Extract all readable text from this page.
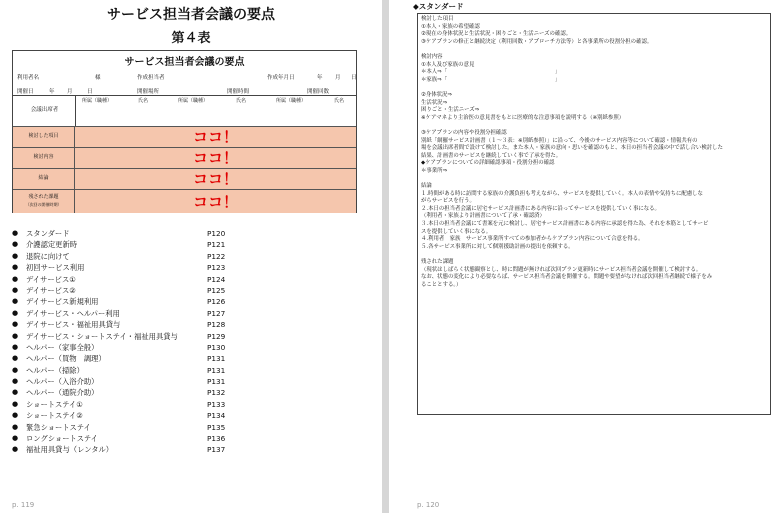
サービス担当者会議の要点
第４表
サービス担当者会議の要点
利用者名	様	作成担当者	作成年月日	年 月 日
開催日	年 月	日	開催場所	開催時間	開催回数
会議出席者
所属（職種）	氏名	所属（職種）	氏名	所属（職種）	氏名
検討した項目	ココ！
検討内容	ココ！
結論	ココ！
残された課題
（次回の開催時期）	ココ！
● スタンダード	P120
● 介護認定更新時	P121
● 退院に向けて	P122
● 初回サービス利用	P123
● デイサービス①	P124
● デイサービス②	P125
● デイサービス新規利用	P126
● デイサービス・ヘルパー利用	P127
● デイサービス・福祉用具貸与	P128
● デイサービス・ショートステイ・福祉用具貸与	P129
● ヘルパー（家事全般）	P130
● ヘルパー（買物　調理）	P131
● ヘルパー（掃除）	P131
● ヘルパー（入浴介助）	P131
● ヘルパー（通院介助）	P132
● ショートステイ①	P133
● ショートステイ②	P134
● 緊急ショートステイ	P135
● ロングショートステイ	P136
● 福祉用具貸与（レンタル）	P137
p. 119
◆スタンダード

検討した項目

①本人・家族の希望確認

②現在の身体状況と生活状況・困りごと・生活ニーズの確認。

③ケアプランの修正と継続決定（利用回数・アプローチ方法等）と各事業所の役割分担の確認。

検討内容

①本人及び家族の意見

＊本人⇒「　　　　　　　　　　　　　　　　　　　　」

＊家族⇒「　　　　　　　　　　　　　　　　　　　　」

②身体状況⇒

生活状況⇒

困りごと・生活ニーズ⇒

※ケアマネより主治医の意見書をもとに医療的な注意事項を説明する（※別紙参照）

③ケアプランの内容や役割分担確認

別紙「網羅サービス計画書（１〜３表：※別紙参照）」に沿って、今後のサービス内容等について確認・情報共有の

場を会議出席者間で設けて検討した。また本人・家族の意向・思いを確認のもと、本日の担当者会議の中で話し合い検討した

結果、計画書のサービスを継続していく事で了承を得た。

◆ケアプランについての詳細確認事項・役割分担の確認

＊事業所⇒

結論

１.時間がある時に訪問する家族の介護負担も考えながら、サービスを提供していく。本人の表情や気持ちに配慮しな

がらサービスを行う。

２.本日の担当者会議に居宅サービス計画書にある内容に沿ってサービスを提供していく事になる。

（利用者・家族より計画書について了承・確認済）

３.本日の担当者会議にて書案を元に検討し、居宅サービス計画書にある内容に承認を得た為、それを本筋としてサービ

スを提供していく事になる。

４.利用者　家族　サービス事業所すべての参加者からケアプラン内容について合意を得る。

５.各サービス事業所に対して個別援助計画の提出を依頼する。

残された課題

（現状はしばらく状態観察とし、時に問題が無ければ次回プラン更新時にサービス担当者会議を開催して検討する。

なお、状態の変化により必要ならば、サービス担当者会議を開催する。問題や要望がなければ次回担当者継続で様子をみ

ることとする。）

p. 120
